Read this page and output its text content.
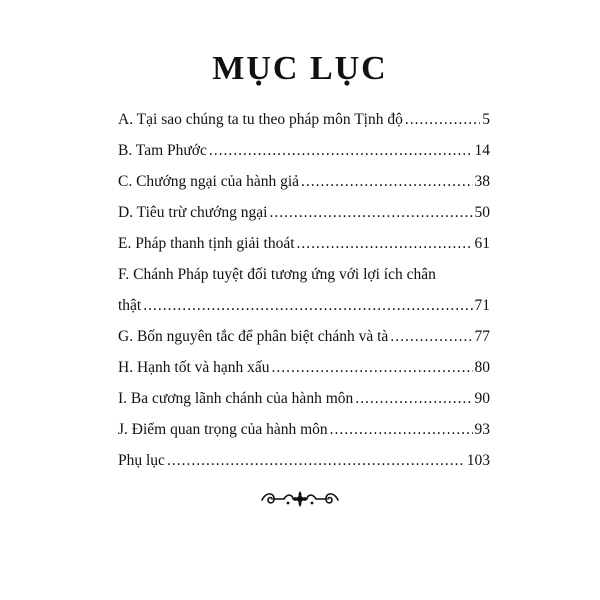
MỤC LỤC
A. Tại sao chúng ta tu theo pháp môn Tịnh độ .....	5
B. Tam Phước .....	14
C. Chướng ngại của hành giả .....	38
D. Tiêu trừ chướng ngại .....	50
E. Pháp thanh tịnh giải thoát .....	61
F. Chánh Pháp tuyệt đối tương ứng với lợi ích chân
thật .....	71
G. Bốn nguyên tắc để phân biệt chánh và tà .....	77
H. Hạnh tốt và hạnh xấu .....	80
I. Ba cương lãnh chánh của hành môn .....	90
J. Điểm quan trọng của hành môn .....	93
Phụ lục .....	103
